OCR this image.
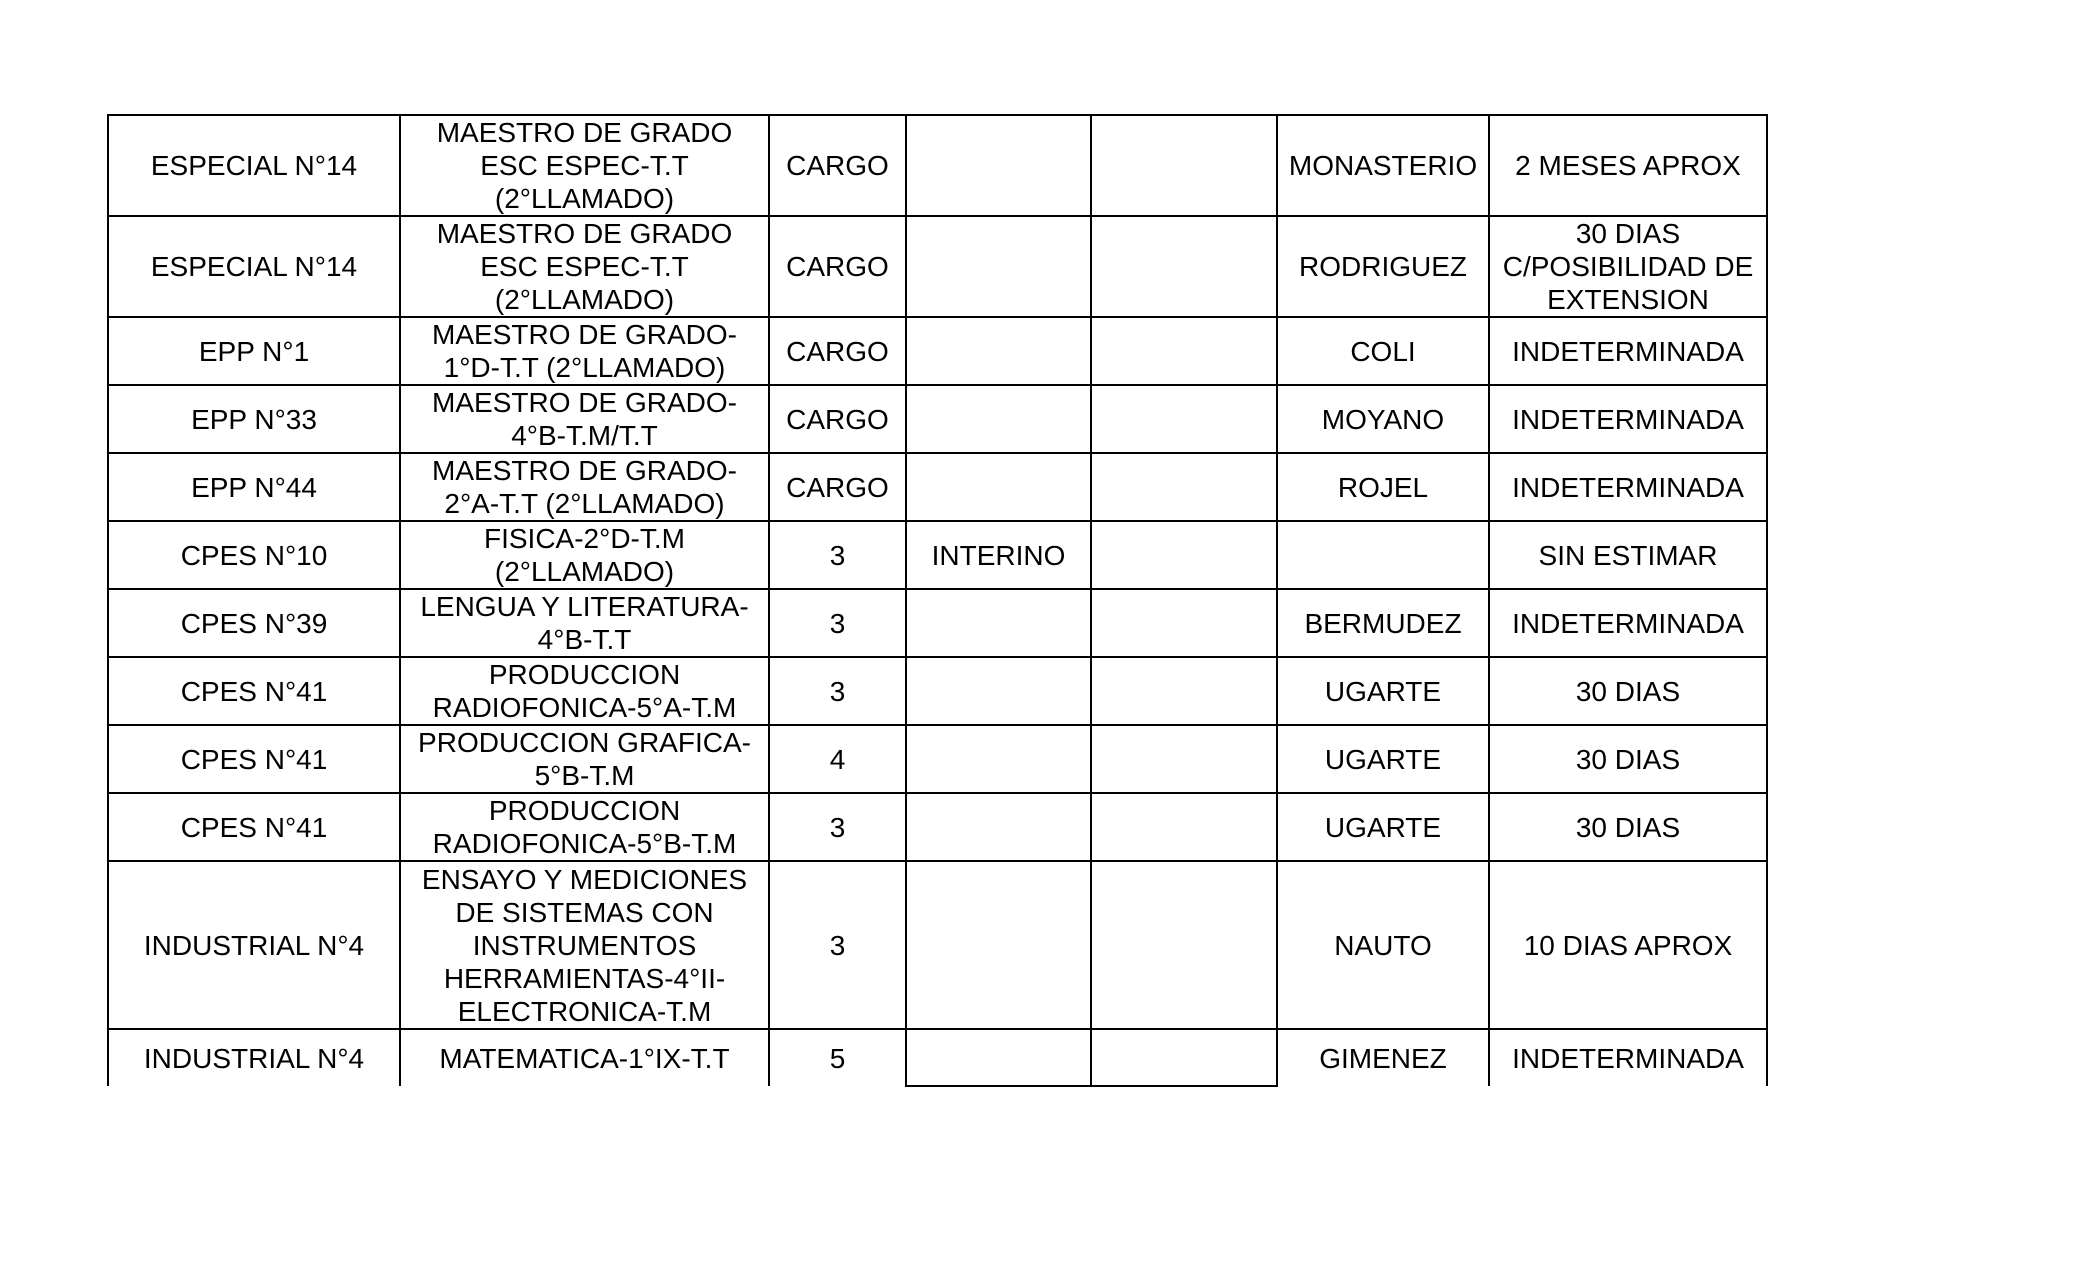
ESPECIAL N°14	MAESTRO DE GRADO ESC ESPEC-T.T (2°LLAMADO)	CARGO			MONASTERIO	2 MESES APROX
ESPECIAL N°14	MAESTRO DE GRADO ESC ESPEC-T.T (2°LLAMADO)	CARGO			RODRIGUEZ	30 DIAS C/POSIBILIDAD DE EXTENSION
EPP N°1	MAESTRO DE GRADO-1°D-T.T (2°LLAMADO)	CARGO			COLI	INDETERMINADA
EPP N°33	MAESTRO DE GRADO-4°B-T.M/T.T	CARGO			MOYANO	INDETERMINADA
EPP N°44	MAESTRO DE GRADO-2°A-T.T (2°LLAMADO)	CARGO			ROJEL	INDETERMINADA
CPES N°10	FISICA-2°D-T.M (2°LLAMADO)	3	INTERINO			SIN ESTIMAR
CPES N°39	LENGUA Y LITERATURA-4°B-T.T	3			BERMUDEZ	INDETERMINADA
CPES N°41	PRODUCCION RADIOFONICA-5°A-T.M	3			UGARTE	30 DIAS
CPES N°41	PRODUCCION GRAFICA-5°B-T.M	4			UGARTE	30 DIAS
CPES N°41	PRODUCCION RADIOFONICA-5°B-T.M	3			UGARTE	30 DIAS
INDUSTRIAL N°4	ENSAYO Y MEDICIONES DE SISTEMAS CON INSTRUMENTOS HERRAMIENTAS-4°II-ELECTRONICA-T.M	3			NAUTO	10 DIAS APROX
INDUSTRIAL N°4	MATEMATICA-1°IX-T.T	5			GIMENEZ	INDETERMINADA
